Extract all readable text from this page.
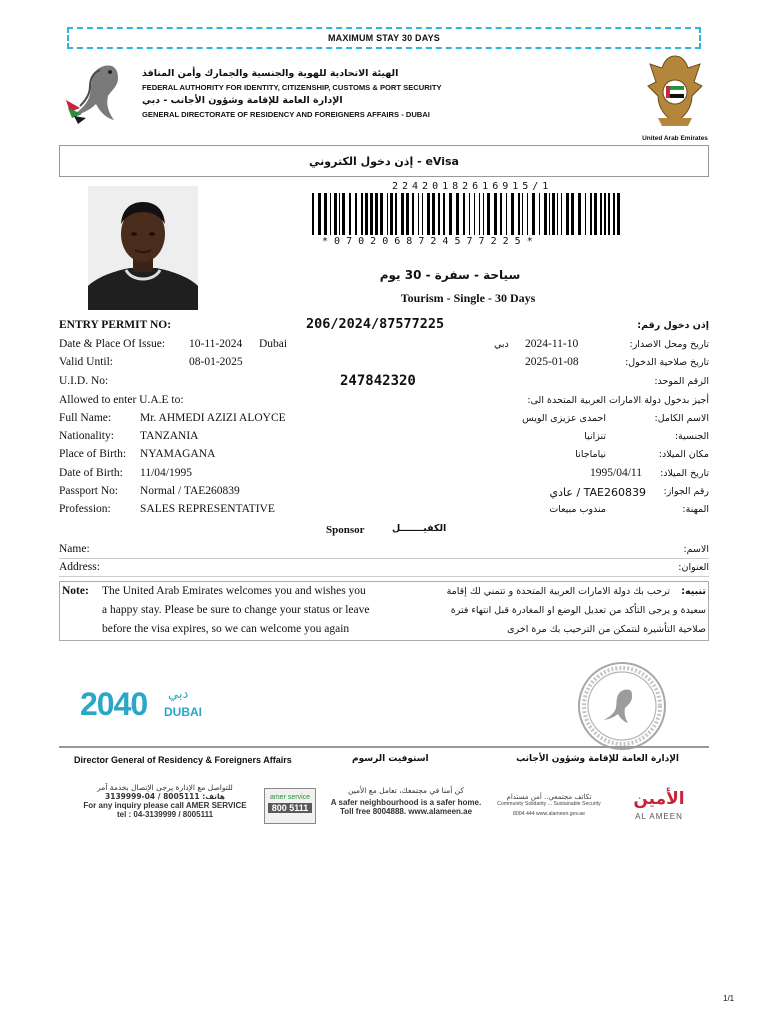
MAXIMUM STAY 30 DAYS
الهيئة الاتحادية للهوية والجنسية والجمارك وأمن المنافذ
FEDERAL AUTHORITY FOR IDENTITY, CITIZENSHIP, CUSTOMS & PORT SECURITY
الإدارة العامة للإقامة وشؤون الأجانب - دبي
GENERAL DIRECTORATE OF RESIDENCY AND FOREIGNERS AFFAIRS - DUBAI
United Arab Emirates
إذن دخول الكتروني - eVisa
22420182616915/1
* 0 7 0 2 0 6 8 7 2 4 5 7 7 2 2 5 *
سياحة - سفرة - 30 يوم
Tourism - Single - 30 Days
ENTRY PERMIT NO:	206/2024/87577225	إذن دخول رقم:
Date & Place Of Issue: 10-11-2024 Dubai	دبي 2024-11-10	تاريخ ومحل الاصدار:
Valid Until:	08-01-2025	2025-01-08	تاريخ صلاحية الدخول:
U.I.D. No:	247842320	الرقم الموحد:
Allowed to enter U.A.E to:	أجيز بدخول دولة الامارات العربية المتحدة الى:
Full Name:	Mr. AHMEDI AZIZI ALOYCE	احمدى عزيزى الويس	الاسم الكامل:
Nationality: TANZANIA	تنزانيا	الجنسية:
Place of Birth: NYAMAGANA	نياماجانا	مكان الميلاد:
Date of Birth: 11/04/1995	1995/04/11 تاريخ الميلاد:
Passport No: Normal / TAE260839	TAE260839 / عادي رقم الجواز:
Profession:	SALES REPRESENTATIVE	مندوب مبيعات	المهنة:
Sponsor	الكفيـــــــل
Name:	الاسم:
Address:	العنوان:
Note: The United Arab Emirates welcomes you and wishes you
a happy stay. Please be sure to change your status or leave
before the visa expires, so we can welcome you again
تنبيه:
ترحب بك دولة الامارات العربية المتحدة و تتمني لك إقامة
سعيدة و يرجى التأكد من تعديل الوضع او المغادرة قبل انتهاء فترة
صلاحية التأشيرة لنتمكن من الترحيب بك مرة اخرى
2040 دبي
DUBAI
Director General of Residency & Foreigners Affairs	استوفيت الرسوم	الإدارة العامة للإقامة وشؤون الأجانب
للتواصل مع الإدارة يرجى الإتصال بخدمة آمر
هاتف: 8005111 / 04-3139999
For any inquiry please call AMER SERVICE
tel : 04-3139999 / 8005111
amer service
800 5111
كن أمنا في مجتمعك، تعامل مع الأمين
A safer neighbourhood is a safer home.
Toll free 8004888. www.alameen.ae
تكاتف مجتمعي.. أمن مستدام
Community Solidarity ... Sustainable Security
8004 444 www.alameen.gov.ae
الأمين
AL AMEEN
1/1
